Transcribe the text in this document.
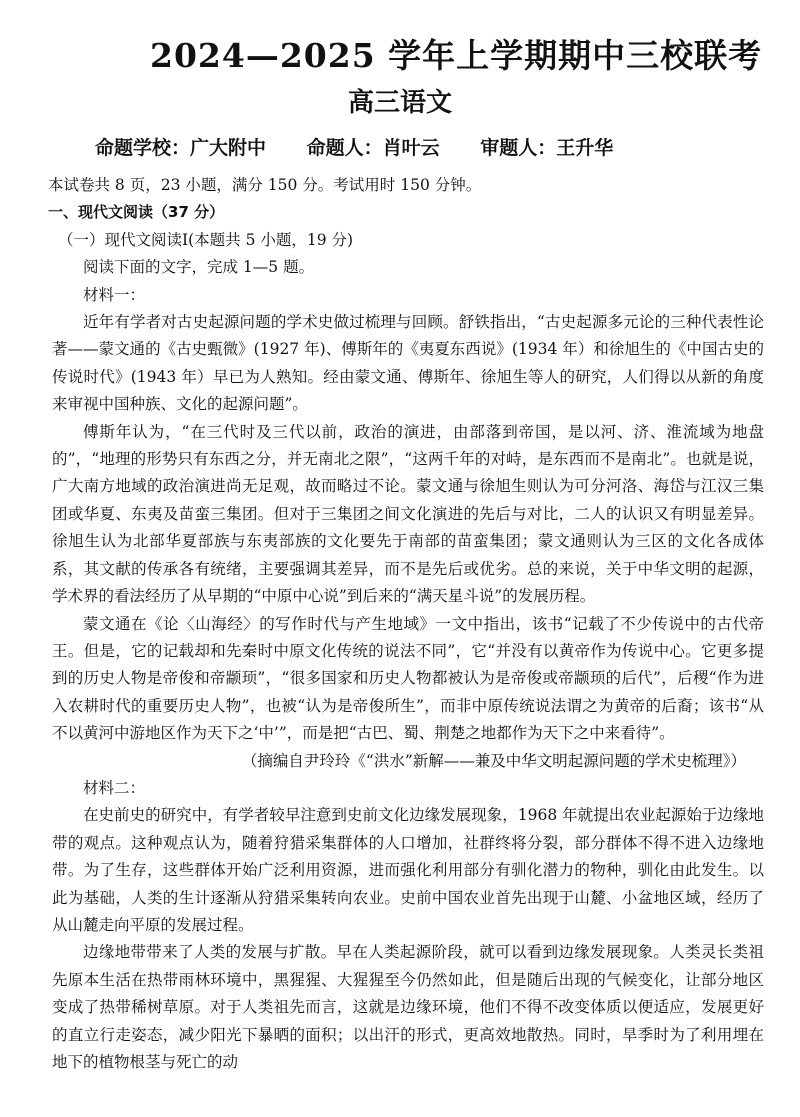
2024—2025 学年上学期期中三校联考
高三语文
命题学校：广大附中 命题人：肖叶云 审题人：王升华

本试卷共 8 页，23 小题，满分 150 分。考试用时 150 分钟。

一、现代文阅读（37 分）

（一）现代文阅读Ⅰ(本题共 5 小题，19 分)

阅读下面的文字，完成 1—5 题。

材料一：

近年有学者对古史起源问题的学术史做过梳理与回顾。舒铁指出，“古史起源多元论的三种代表性论著——蒙文通的《古史甄微》(1927 年)、傅斯年的《夷夏东西说》(1934 年）和徐旭生的《中国古史的传说时代》(1943 年）早已为人熟知。经由蒙文通、傅斯年、徐旭生等人的研究，人们得以从新的角度来审视中国种族、文化的起源问题”。

傅斯年认为，“在三代时及三代以前，政治的演进，由部落到帝国，是以河、济、淮流域为地盘的”，“地理的形势只有东西之分，并无南北之限”，“这两千年的对峙，是东西而不是南北”。也就是说，广大南方地域的政治演进尚无足观，故而略过不论。蒙文通与徐旭生则认为可分河洛、海岱与江汉三集团或华夏、东夷及苗蛮三集团。但对于三集团之间文化演进的先后与对比，二人的认识又有明显差异。徐旭生认为北部华夏部族与东夷部族的文化要先于南部的苗蛮集团；蒙文通则认为三区的文化各成体系，其文献的传承各有统绪，主要强调其差异，而不是先后或优劣。总的来说，关于中华文明的起源，学术界的看法经历了从早期的“中原中心说”到后来的“满天星斗说”的发展历程。

蒙文通在《论〈山海经〉的写作时代与产生地域》一文中指出，该书“记载了不少传说中的古代帝王。但是，它的记载却和先秦时中原文化传统的说法不同”，它“并没有以黄帝作为传说中心。它更多提到的历史人物是帝俊和帝颛顼”，“很多国家和历史人物都被认为是帝俊或帝颛顼的后代”，后稷“作为进入农耕时代的重要历史人物”，也被“认为是帝俊所生”，而非中原传统说法谓之为黄帝的后裔；该书“从不以黄河中游地区作为天下之‘中’”，而是把“古巴、蜀、荆楚之地都作为天下之中来看待”。

（摘编自尹玲玲《“洪水”新解——兼及中华文明起源问题的学术史梳理》）

材料二：

在史前史的研究中，有学者较早注意到史前文化边缘发展现象，1968 年就提出农业起源始于边缘地带的观点。这种观点认为，随着狩猎采集群体的人口增加，社群终将分裂，部分群体不得不进入边缘地带。为了生存，这些群体开始广泛利用资源，进而强化利用部分有驯化潜力的物种，驯化由此发生。以此为基础，人类的生计逐渐从狩猎采集转向农业。史前中国农业首先出现于山麓、小盆地区域，经历了从山麓走向平原的发展过程。

边缘地带带来了人类的发展与扩散。早在人类起源阶段，就可以看到边缘发展现象。人类灵长类祖先原本生活在热带雨林环境中，黑猩猩、大猩猩至今仍然如此，但是随后出现的气候变化，让部分地区变成了热带稀树草原。对于人类祖先而言，这就是边缘环境，他们不得不改变体质以便适应，发展更好的直立行走姿态，减少阳光下暴晒的面积；以出汗的形式，更高效地散热。同时，旱季时为了利用埋在地下的植物根茎与死亡的动
